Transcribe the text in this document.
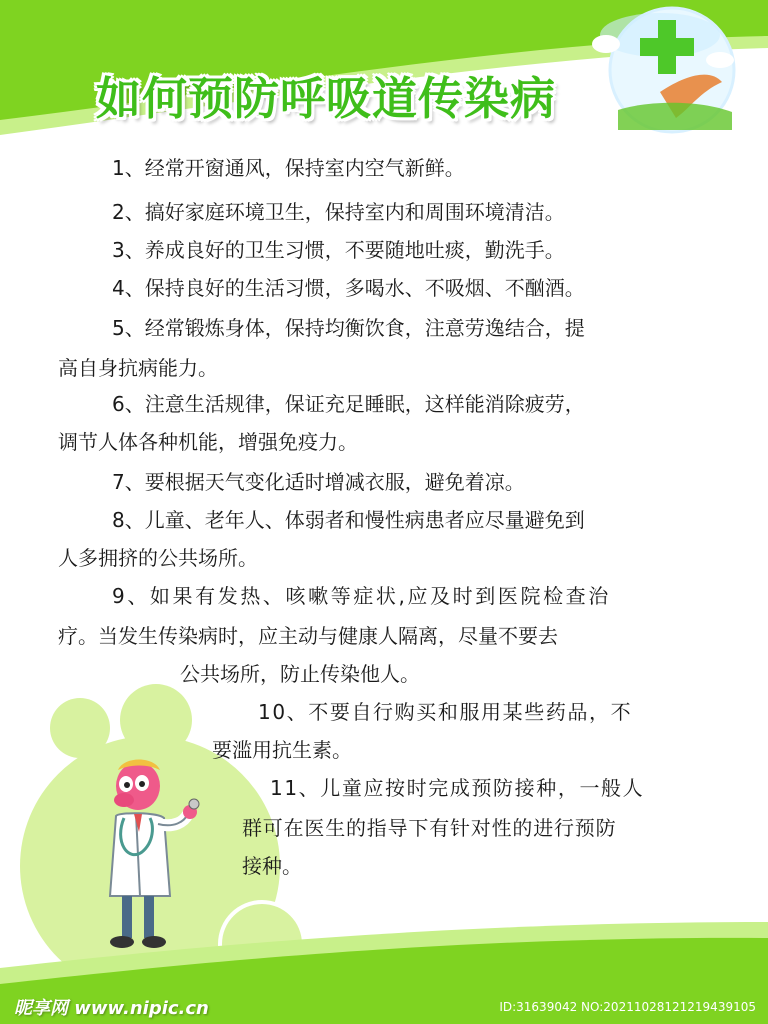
如何预防呼吸道传染病
1、经常开窗通风，保持室内空气新鲜。
2、搞好家庭环境卫生，保持室内和周围环境清洁。
3、养成良好的卫生习惯，不要随地吐痰，勤洗手。
4、保持良好的生活习惯，多喝水、不吸烟、不酗酒。
5、经常锻炼身体，保持均衡饮食，注意劳逸结合，提
高自身抗病能力。
6、注意生活规律，保证充足睡眠，这样能消除疲劳，
调节人体各种机能，增强免疫力。
7、要根据天气变化适时增减衣服，避免着凉。
8、儿童、老年人、体弱者和慢性病患者应尽量避免到
人多拥挤的公共场所。
9、如果有发热、咳嗽等症状,应及时到医院检查治
疗。当发生传染病时，应主动与健康人隔离，尽量不要去
公共场所，防止传染他人。
10、不要自行购买和服用某些药品，不
要滥用抗生素。
11、儿童应按时完成预防接种，一般人
群可在医生的指导下有针对性的进行预防
接种。
昵享网 www.nipic.cn	ID:31639042 NO:20211028121219439105
